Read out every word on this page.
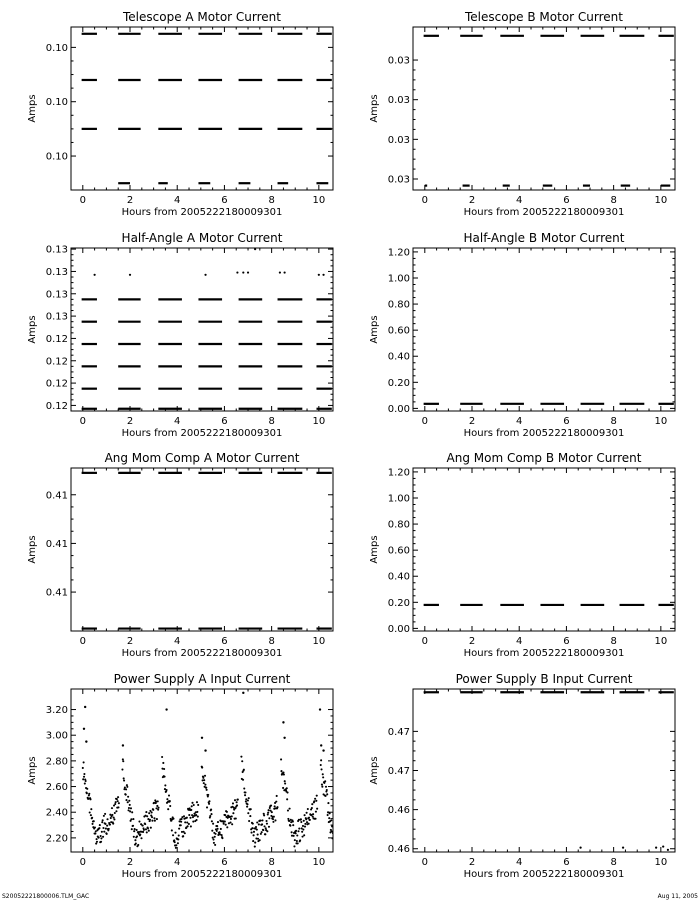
Telescope A Motor Current
0	2	4	6	8	10
0.10
0.10
0.10
Hours from 2005222180009301
Amps
Telescope B Motor Current
0	2	4	6	8	10
0.03
0.03
0.03
0.03
Hours from 2005222180009301
Amps
Half-Angle A Motor Current
0	2	4	6	8	10
0.12
0.12
0.12
0.12
0.13
0.13
0.13
0.13
Hours from 2005222180009301
Amps
Half-Angle B Motor Current
0	2	4	6	8	10
0.00
0.20
0.40
0.60
0.80
1.00
1.20
Hours from 2005222180009301
Amps
Ang Mom Comp A Motor Current
0	2	4	6	8	10
0.41
0.41
0.41
Hours from 2005222180009301
Amps
Ang Mom Comp B Motor Current
0	2	4	6	8	10
0.00
0.20
0.40
0.60
0.80
1.00
1.20
Hours from 2005222180009301
Amps
Power Supply A Input Current
0	2	4	6	8	10
2.20
2.40
2.60
2.80
3.00
3.20
Hours from 2005222180009301
Amps
Power Supply B Input Current
0	2	4	6	8	10
0.46
0.46
0.47
0.47
Hours from 2005222180009301
Amps
S20052221800006.TLM_GAC	Aug 11, 2005
